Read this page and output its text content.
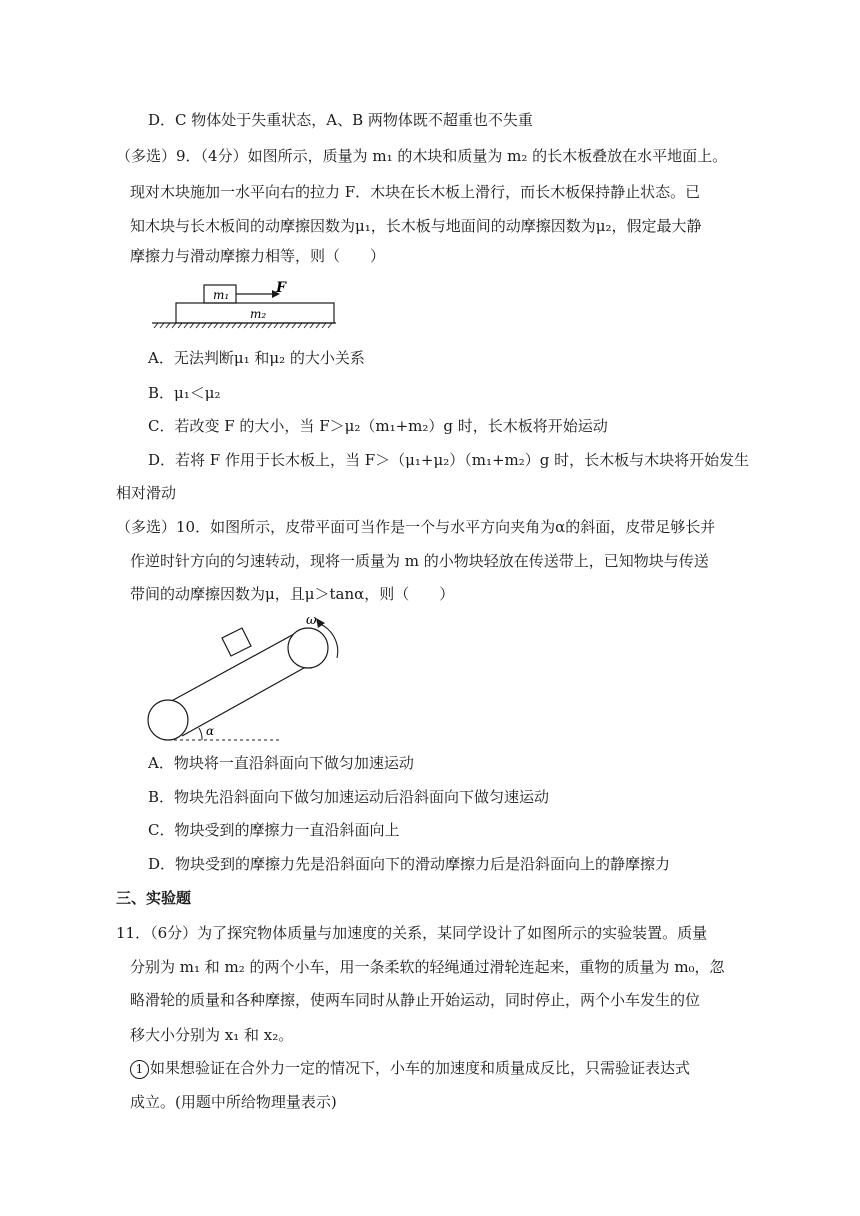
D．C 物体处于失重状态，A、B 两物体既不超重也不失重
（多选）9．（4分）如图所示，质量为 m₁ 的木块和质量为 m₂ 的长木板叠放在水平地面上。
现对木块施加一水平向右的拉力 F．木块在长木板上滑行，而长木板保持静止状态。已
知木块与长木板间的动摩擦因数为μ₁，长木板与地面间的动摩擦因数为μ₂，假定最大静
摩擦力与滑动摩擦力相等，则（　　）
m₁	F
m₂
A．无法判断μ₁ 和μ₂ 的大小关系
B．μ₁＜μ₂
C．若改变 F 的大小，当 F＞μ₂（m₁+m₂）g 时，长木板将开始运动
D．若将 F 作用于长木板上，当 F＞（μ₁+μ₂）（m₁+m₂）g 时，长木板与木块将开始发生
相对滑动
（多选）10．如图所示，皮带平面可当作是一个与水平方向夹角为α的斜面，皮带足够长并
作逆时针方向的匀速转动，现将一质量为 m 的小物块轻放在传送带上，已知物块与传送
带间的动摩擦因数为μ，且μ＞tanα，则（　　）
α
ω
A．物块将一直沿斜面向下做匀加速运动
B．物块先沿斜面向下做匀加速运动后沿斜面向下做匀速运动
C．物块受到的摩擦力一直沿斜面向上
D．物块受到的摩擦力先是沿斜面向下的滑动摩擦力后是沿斜面向上的静摩擦力
三、实验题
11．（6分）为了探究物体质量与加速度的关系，某同学设计了如图所示的实验装置。质量
分别为 m₁ 和 m₂ 的两个小车，用一条柔软的轻绳通过滑轮连起来，重物的质量为 m₀，忽
略滑轮的质量和各种摩擦，使两车同时从静止开始运动，同时停止，两个小车发生的位
移大小分别为 x₁ 和 x₂。
1 如果想验证在合外力一定的情况下，小车的加速度和质量成反比，只需验证表达式
成立。(用题中所给物理量表示)
